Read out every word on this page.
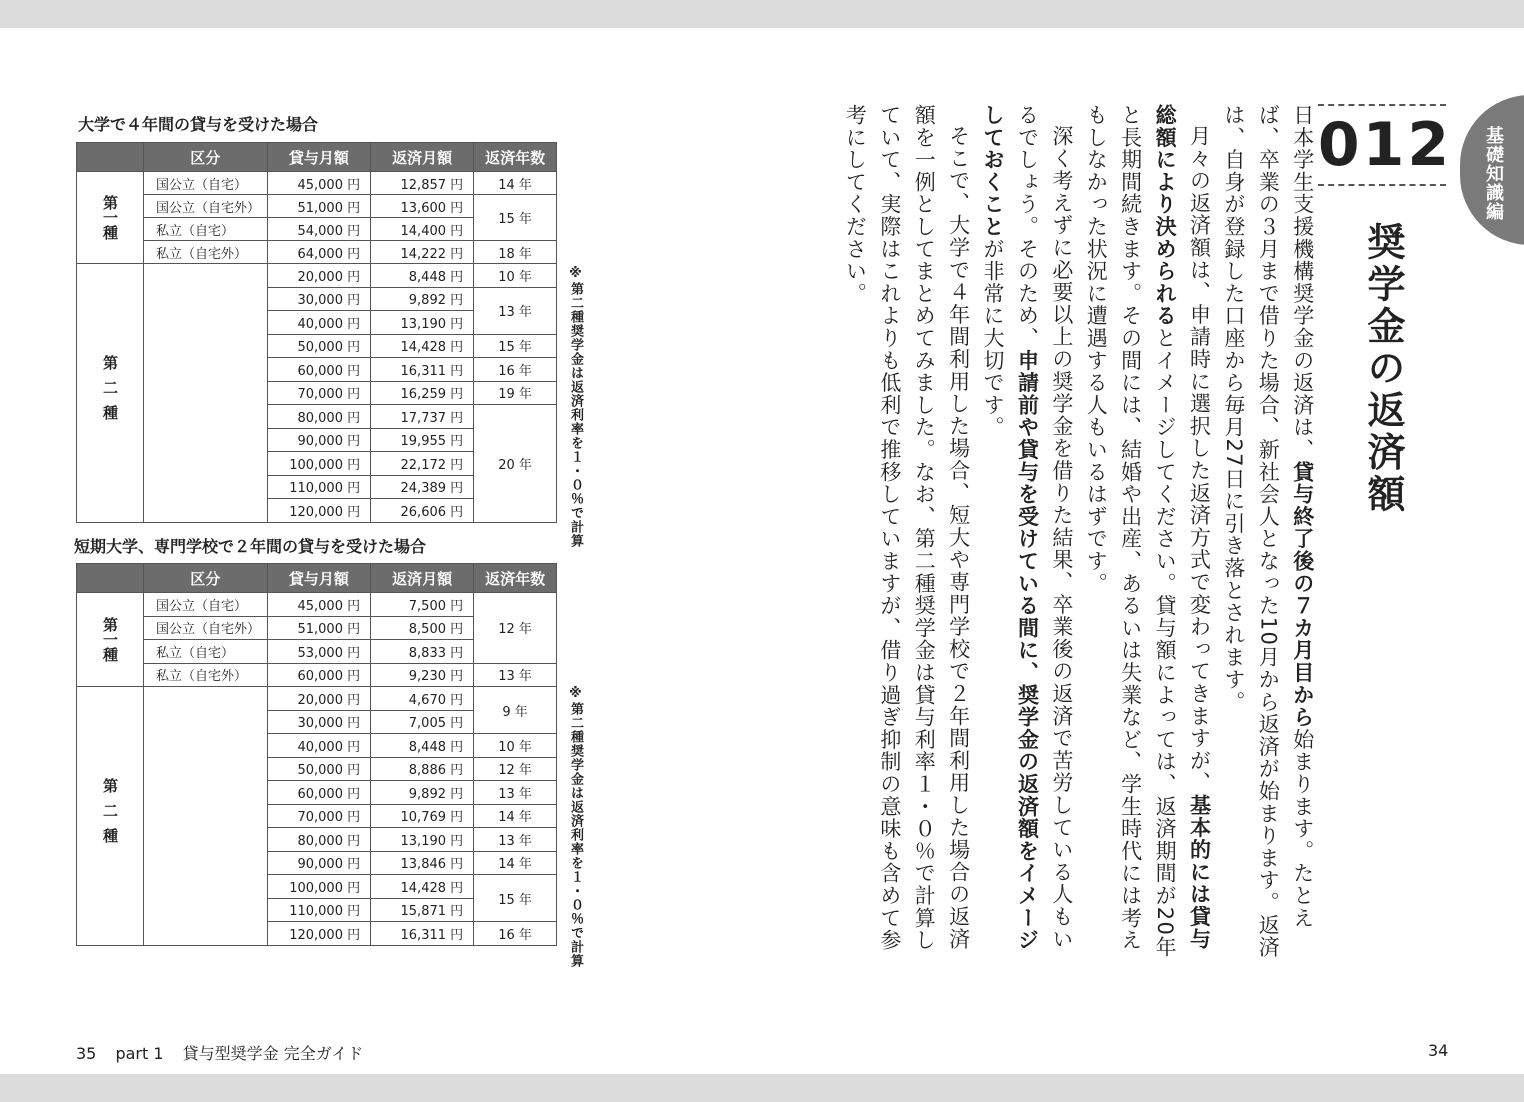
大学で４年間の貸与を受けた場合
	区分	貸与月額	返済月額	返済年数

第一種	国公立（自宅）	45,000 円	12,857 円	14 年
	国公立（自宅外）	51,000 円	13,600 円	15 年
	私立（自宅）	54,000 円	14,400 円	
	私立（自宅外）	64,000 円	14,222 円	18 年

第二種		20,000 円	8,448 円	10 年
		30,000 円	9,892 円	13 年
		40,000 円	13,190 円	
		50,000 円	14,428 円	15 年
		60,000 円	16,311 円	16 年
		70,000 円	16,259 円	19 年
		80,000 円	17,737 円	20 年
		90,000 円	19,955 円	
		100,000 円	22,172 円	
		110,000 円	24,389 円	
		120,000 円	26,606 円		※第二種奨学金は返済利率を１・０％で計算
短期大学、専門学校で２年間の貸与を受けた場合
	区分	貸与月額	返済月額	返済年数

第一種	国公立（自宅）	45,000 円	7,500 円	12 年
	国公立（自宅外）	51,000 円	8,500 円	
	私立（自宅）	53,000 円	8,833 円	
	私立（自宅外）	60,000 円	9,230 円	13 年

第二種		20,000 円	4,670 円	9 年
		30,000 円	7,005 円	
		40,000 円	8,448 円	10 年
		50,000 円	8,886 円	12 年
		60,000 円	9,892 円	13 年
		70,000 円	10,769 円	14 年
		80,000 円	13,190 円	13 年
		90,000 円	13,846 円	14 年
		100,000 円	14,428 円	15 年
		110,000 円	15,871 円	
		120,000 円	16,311 円	16 年	※第二種奨学金は返済利率を１・０％で計算
基礎知識編
012
奨学金の返済額

日本学生支援機構奨学金の返済は、貸与終了後の７カ月目から始まります。たとえば、卒業の３月まで借りた場合、新社会人となった10月から返済が始まります。返済は、自身が登録した口座から毎月27日に引き落とされます。

月々の返済額は、申請時に選択した返済方式で変わってきますが、基本的には貸与総額により決められるとイメージしてください。貸与額によっては、返済期間が20年と長期間続きます。その間には、結婚や出産、あるいは失業など、学生時代には考えもしなかった状況に遭遇する人もいるはずです。

深く考えずに必要以上の奨学金を借りた結果、卒業後の返済で苦労している人もいるでしょう。そのため、申請前や貸与を受けている間に、奨学金の返済額をイメージしておくことが非常に大切です。

そこで、大学で４年間利用した場合、短大や専門学校で２年間利用した場合の返済額を一例としてまとめてみました。なお、第二種奨学金は貸与利率１・０％で計算していて、実際はこれよりも低利で推移していますが、借り過ぎ抑制の意味も含めて参考にしてください。

35 part 1 貸与型奨学金 完全ガイド	34
